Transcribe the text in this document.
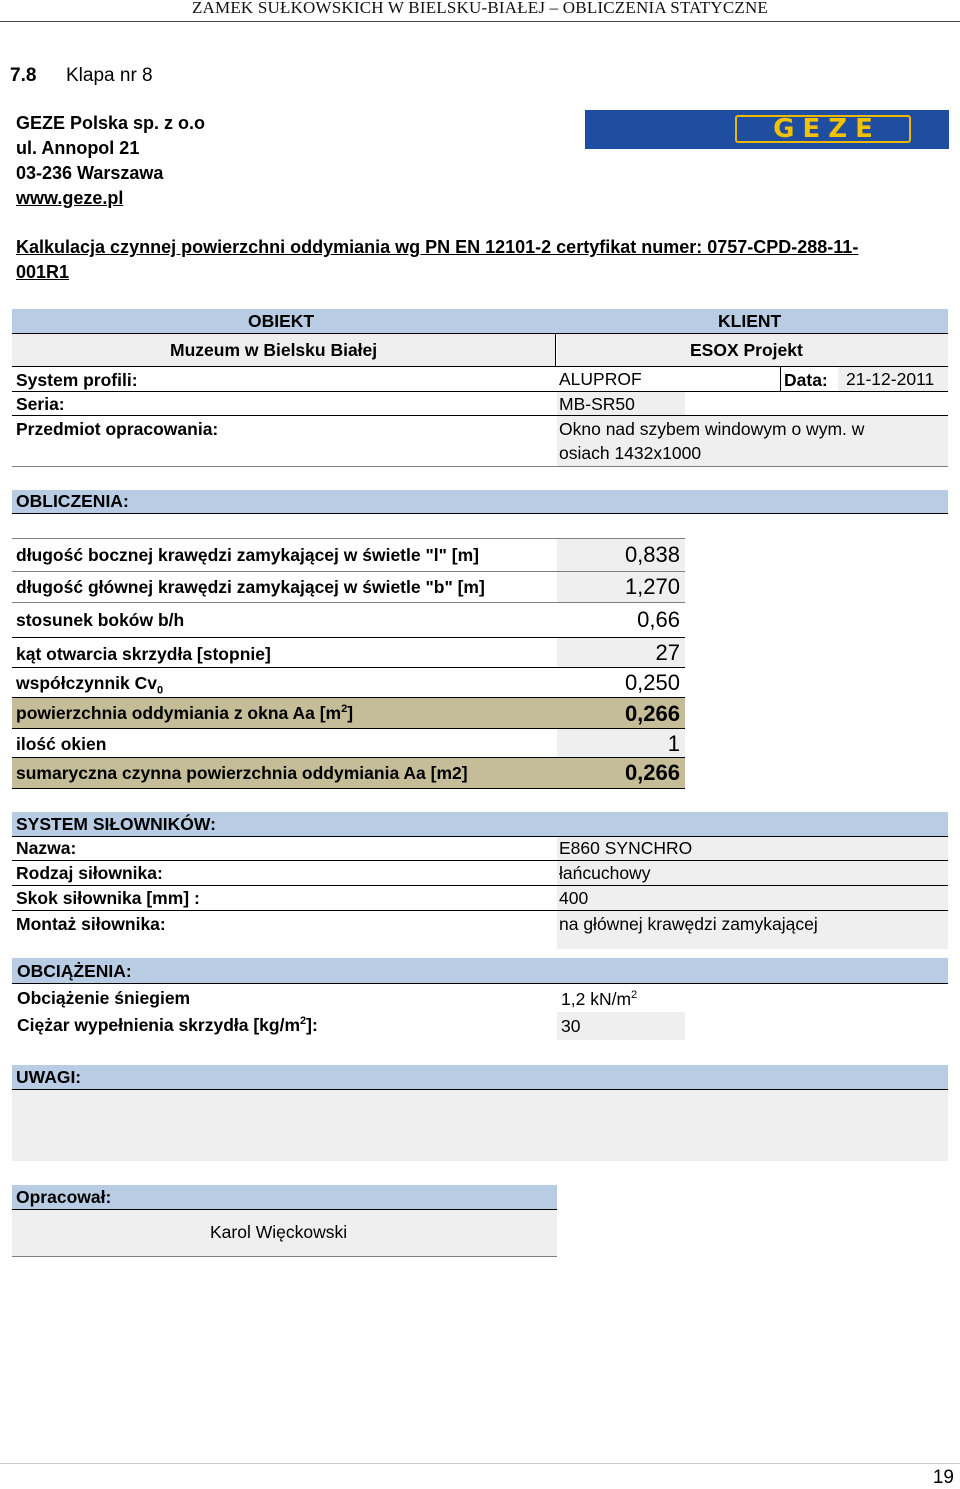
ZAMEK SUŁKOWSKICH W BIELSKU-BIAŁEJ – OBLICZENIA STATYCZNE
7.8 Klapa nr 8
GEZE Polska sp. z o.o
ul. Annopol 21
03-236 Warszawa
www.geze.pl
GEZE
Kalkulacja czynnej powierzchni oddymiania wg PN EN 12101-2 certyfikat numer: 0757-CPD-288-11-
001R1
OBIEKT	KLIENT
Muzeum w Bielsku Białej	ESOX Projekt
System profili:	ALUPROF	Data: 21-12-2011
Seria:	MB-SR50
Przedmiot opracowania:	Okno nad szybem windowym o wym. w
osiach 1432x1000
OBLICZENIA:
długość bocznej krawędzi zamykającej w świetle "l" [m]	0,838
długość głównej krawędzi zamykającej w świetle "b" [m]	1,270
stosunek boków b/h	0,66
kąt otwarcia skrzydła [stopnie]	27
współczynnik $Cv_0$	0,250
powierzchnia oddymiania z okna Aa $[m^2]$	0,266
ilość okien	1
sumaryczna czynna powierzchnia oddymiania Aa [m2]	0,266
SYSTEM SIŁOWNIKÓW:
Nazwa:	E860 SYNCHRO
Rodzaj siłownika:	łańcuchowy
Skok siłownika [mm] :	400
Montaż siłownika:	na głównej krawędzi zamykającej
OBCIĄŻENIA:
Obciążenie śniegiem	1,2 $kN/m^2$
Ciężar wypełnienia skrzydła $[kg/m^2]$:	30
UWAGI:
Opracował:
Karol Więckowski
19
